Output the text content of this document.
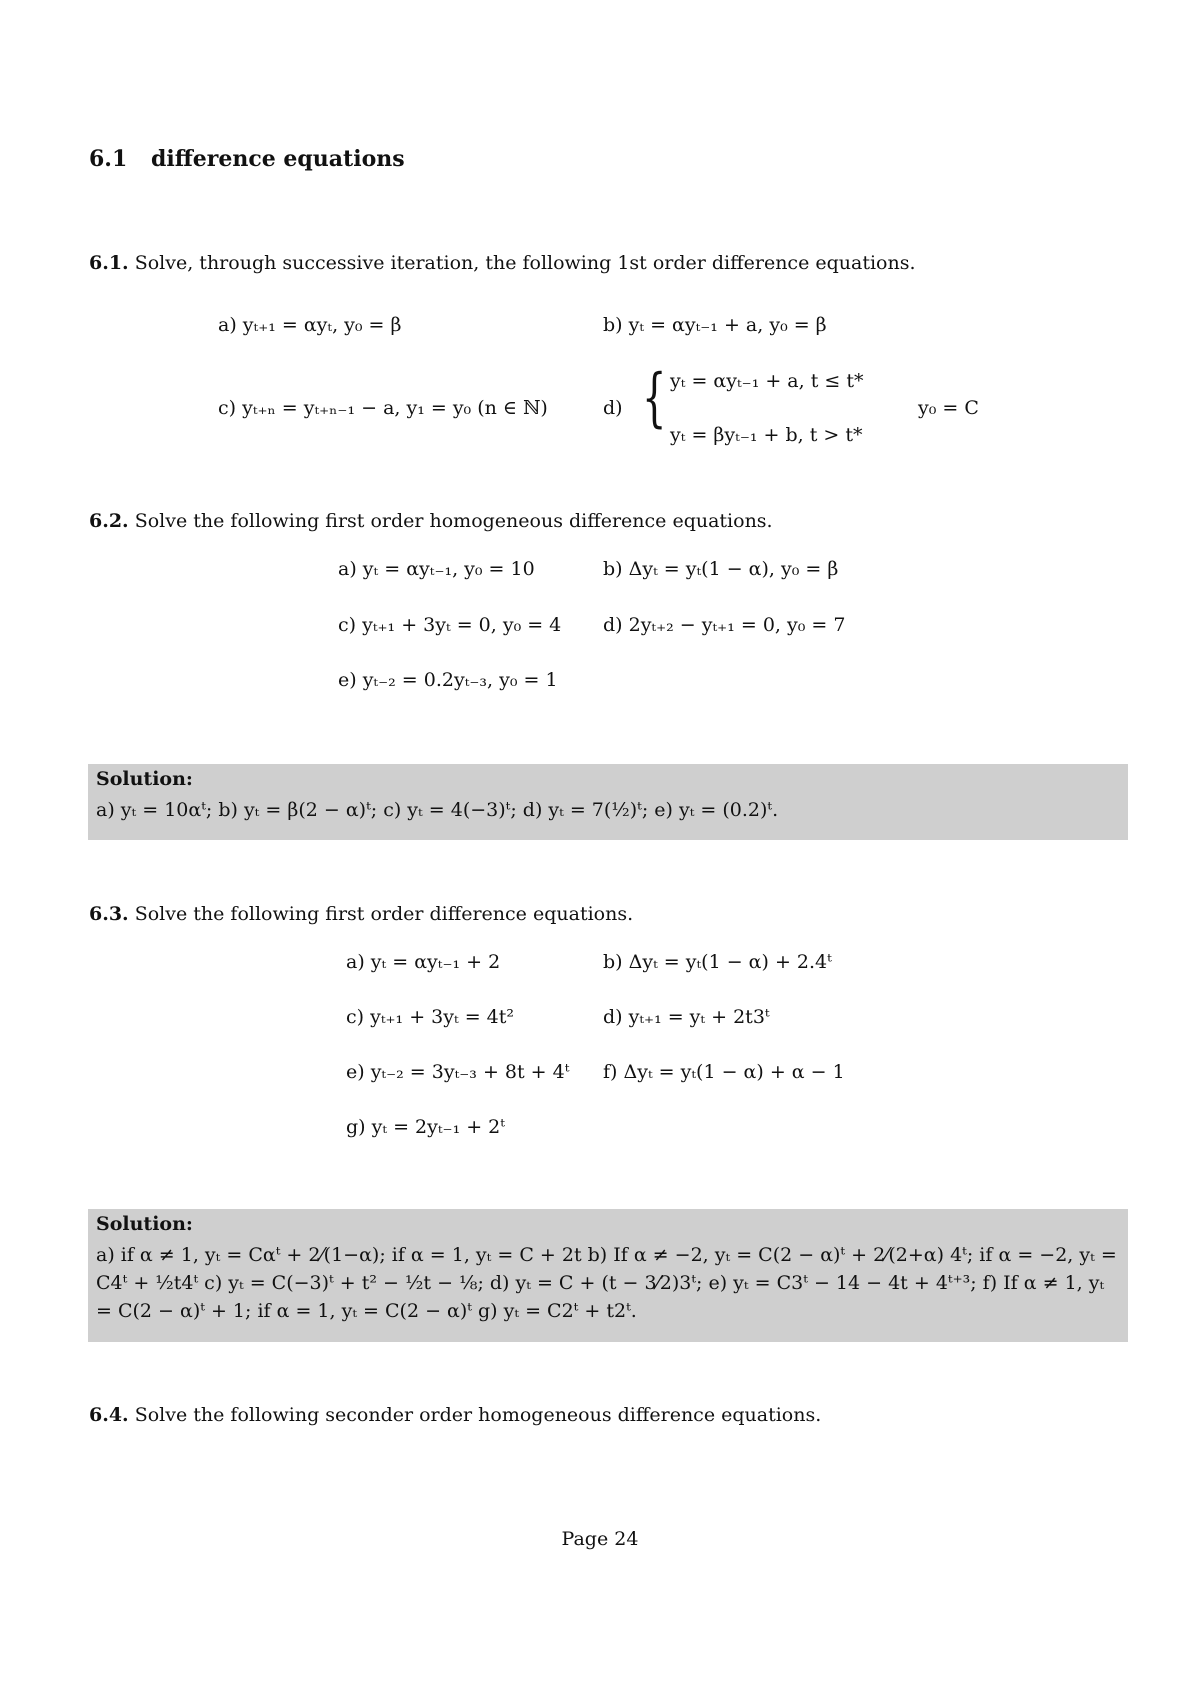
6.1 difference equations
6.1. Solve, through successive iteration, the following 1st order difference equations.
a) yₜ₊₁ = αyₜ, y₀ = β	b) yₜ = αyₜ₋₁ + a, y₀ = β
c) yₜ₊ₙ = yₜ₊ₙ₋₁ − a, y₁ = y₀ (n ∈ ℕ)	d) { yₜ = αyₜ₋₁ + a, t ≤ t*
yₜ = βyₜ₋₁ + b, t > t*
y₀ = C
6.2. Solve the following first order homogeneous difference equations.
a) yₜ = αyₜ₋₁, y₀ = 10	b) Δyₜ = yₜ(1 − α), y₀ = β
c) yₜ₊₁ + 3yₜ = 0, y₀ = 4 d) 2yₜ₊₂ − yₜ₊₁ = 0, y₀ = 7
e) yₜ₋₂ = 0.2yₜ₋₃, y₀ = 1
Solution:
a) yₜ = 10αᵗ; b) yₜ = β(2 − α)ᵗ; c) yₜ = 4(−3)ᵗ; d) yₜ = 7(½)ᵗ; e) yₜ = (0.2)ᵗ.
6.3. Solve the following first order difference equations.
a) yₜ = αyₜ₋₁ + 2	b) Δyₜ = yₜ(1 − α) + 2.4ᵗ
c) yₜ₊₁ + 3yₜ = 4t²	d) yₜ₊₁ = yₜ + 2t3ᵗ
e) yₜ₋₂ = 3yₜ₋₃ + 8t + 4ᵗ f) Δyₜ = yₜ(1 − α) + α − 1
g) yₜ = 2yₜ₋₁ + 2ᵗ
Solution:
a) if α ≠ 1, yₜ = Cαᵗ + 2⁄(1−α); if α = 1, yₜ = C + 2t b) If α ≠ −2, yₜ = C(2 − α)ᵗ + 2⁄(2+α) 4ᵗ; if α = −2, yₜ = C4ᵗ + ½t4ᵗ c) yₜ = C(−3)ᵗ + t² − ½t − ⅛; d) yₜ = C + (t − 3⁄2)3ᵗ; e) yₜ = C3ᵗ − 14 − 4t + 4ᵗ⁺³; f) If α ≠ 1, yₜ = C(2 − α)ᵗ + 1; if α = 1, yₜ = C(2 − α)ᵗ g) yₜ = C2ᵗ + t2ᵗ.
6.4. Solve the following seconder order homogeneous difference equations.
Page 24
